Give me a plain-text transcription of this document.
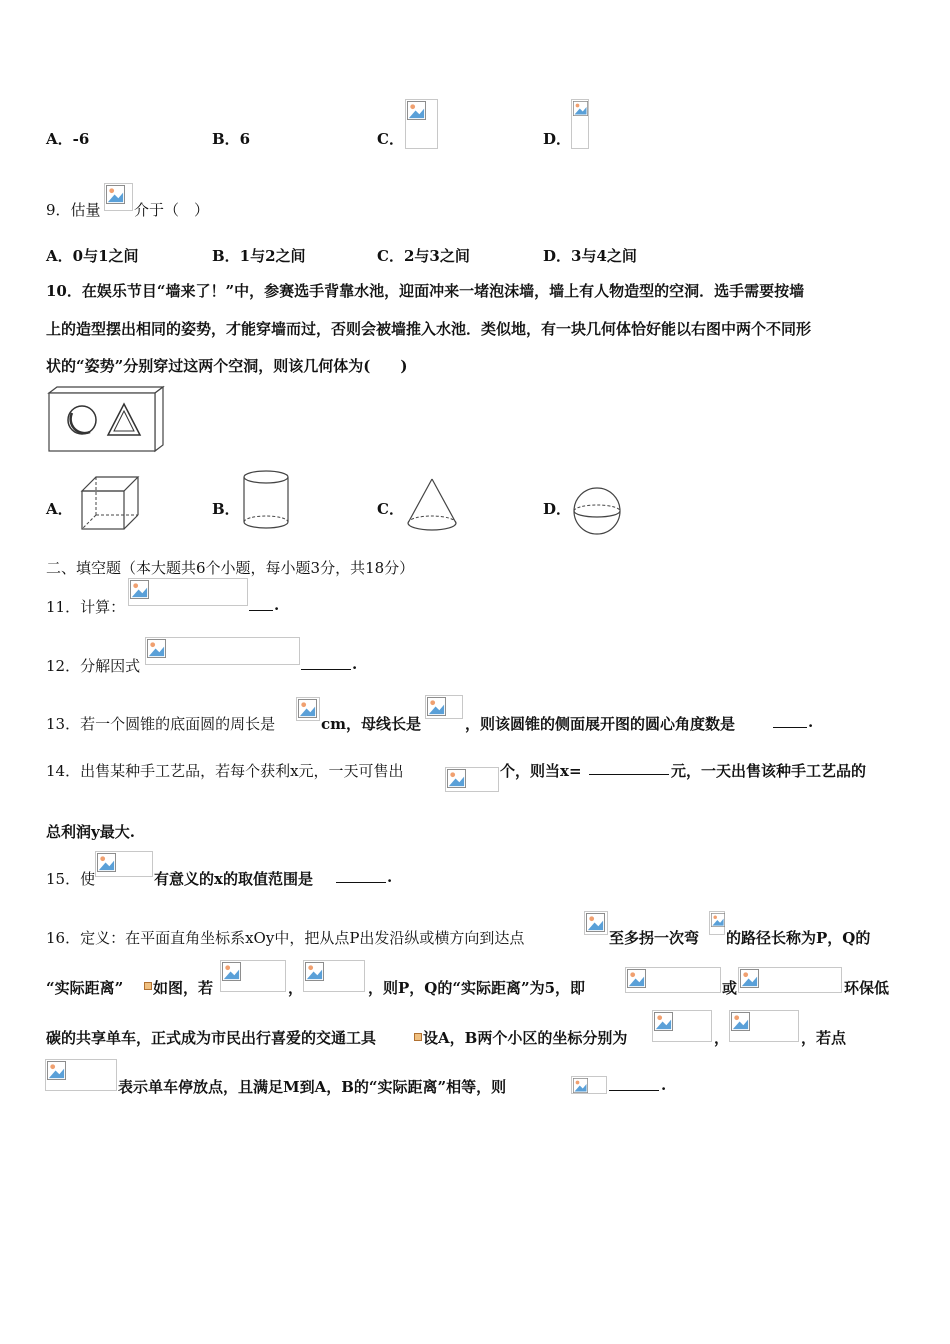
A．-6	B．6	C．	D．
9．估量 介于（　）
A．0与1之间	B．1与2之间	C．2与3之间	D．3与4之间
10．在娱乐节目“墙来了！”中，参赛选手背靠水池，迎面冲来一堵泡沫墙，墙上有人物造型的空洞．选手需要按墙
上的造型摆出相同的姿势，才能穿墙而过，否则会被墙推入水池．类似地，有一块几何体恰好能以右图中两个不同形
状的“姿势”分别穿过这两个空洞，则该几何体为(　　)
A．	B．	C．	D．
二、填空题（本大题共6个小题，每小题3分，共18分）
11．计算：	.
12．分解因式	.
13．若一个圆锥的底面圆的周长是	cm，母线长是	，则该圆锥的侧面展开图的圆心角度数是	.
14．出售某种手工艺品，若每个获利x元，一天可售出	个，则当x=	元，一天出售该种手工艺品的
总利润y最大.
15．使	有意义的x的取值范围是	.
16．定义：在平面直角坐标系xOy中，把从点P出发沿纵或横方向到达点	至多拐一次弯 的路径长称为P，Q的
“实际距离” 如图，若	，	，则P，Q的“实际距离”为5，即	或	环保低
碳的共享单车，正式成为市民出行喜爱的交通工具	设A，B两个小区的坐标分别为	，	，若点
表示单车停放点，且满足M到A，B的“实际距离”相等，则	.
